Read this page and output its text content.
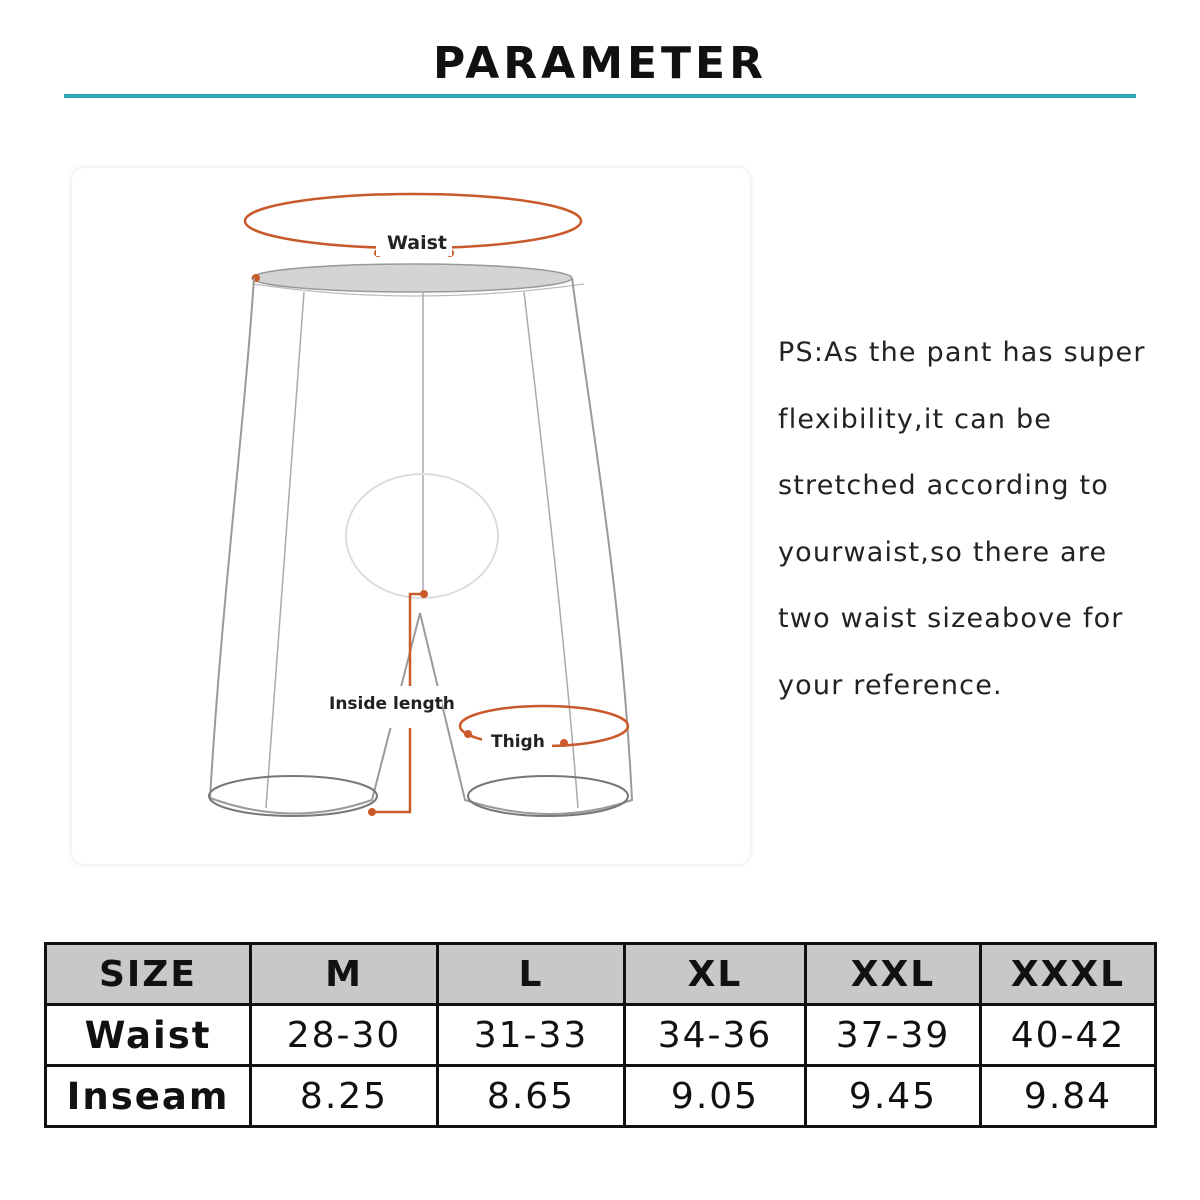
PARAMETER
Waist
Inside length
Thigh

PS:As the pant has super

flexibility,it can be

stretched according to

yourwaist,so there are

two waist sizeabove for

your reference.

SIZE	M	L	XL	XXL	XXXL
Waist	28-30	31-33	34-36	37-39	40-42
Inseam	8.25	8.65	9.05	9.45	9.84
